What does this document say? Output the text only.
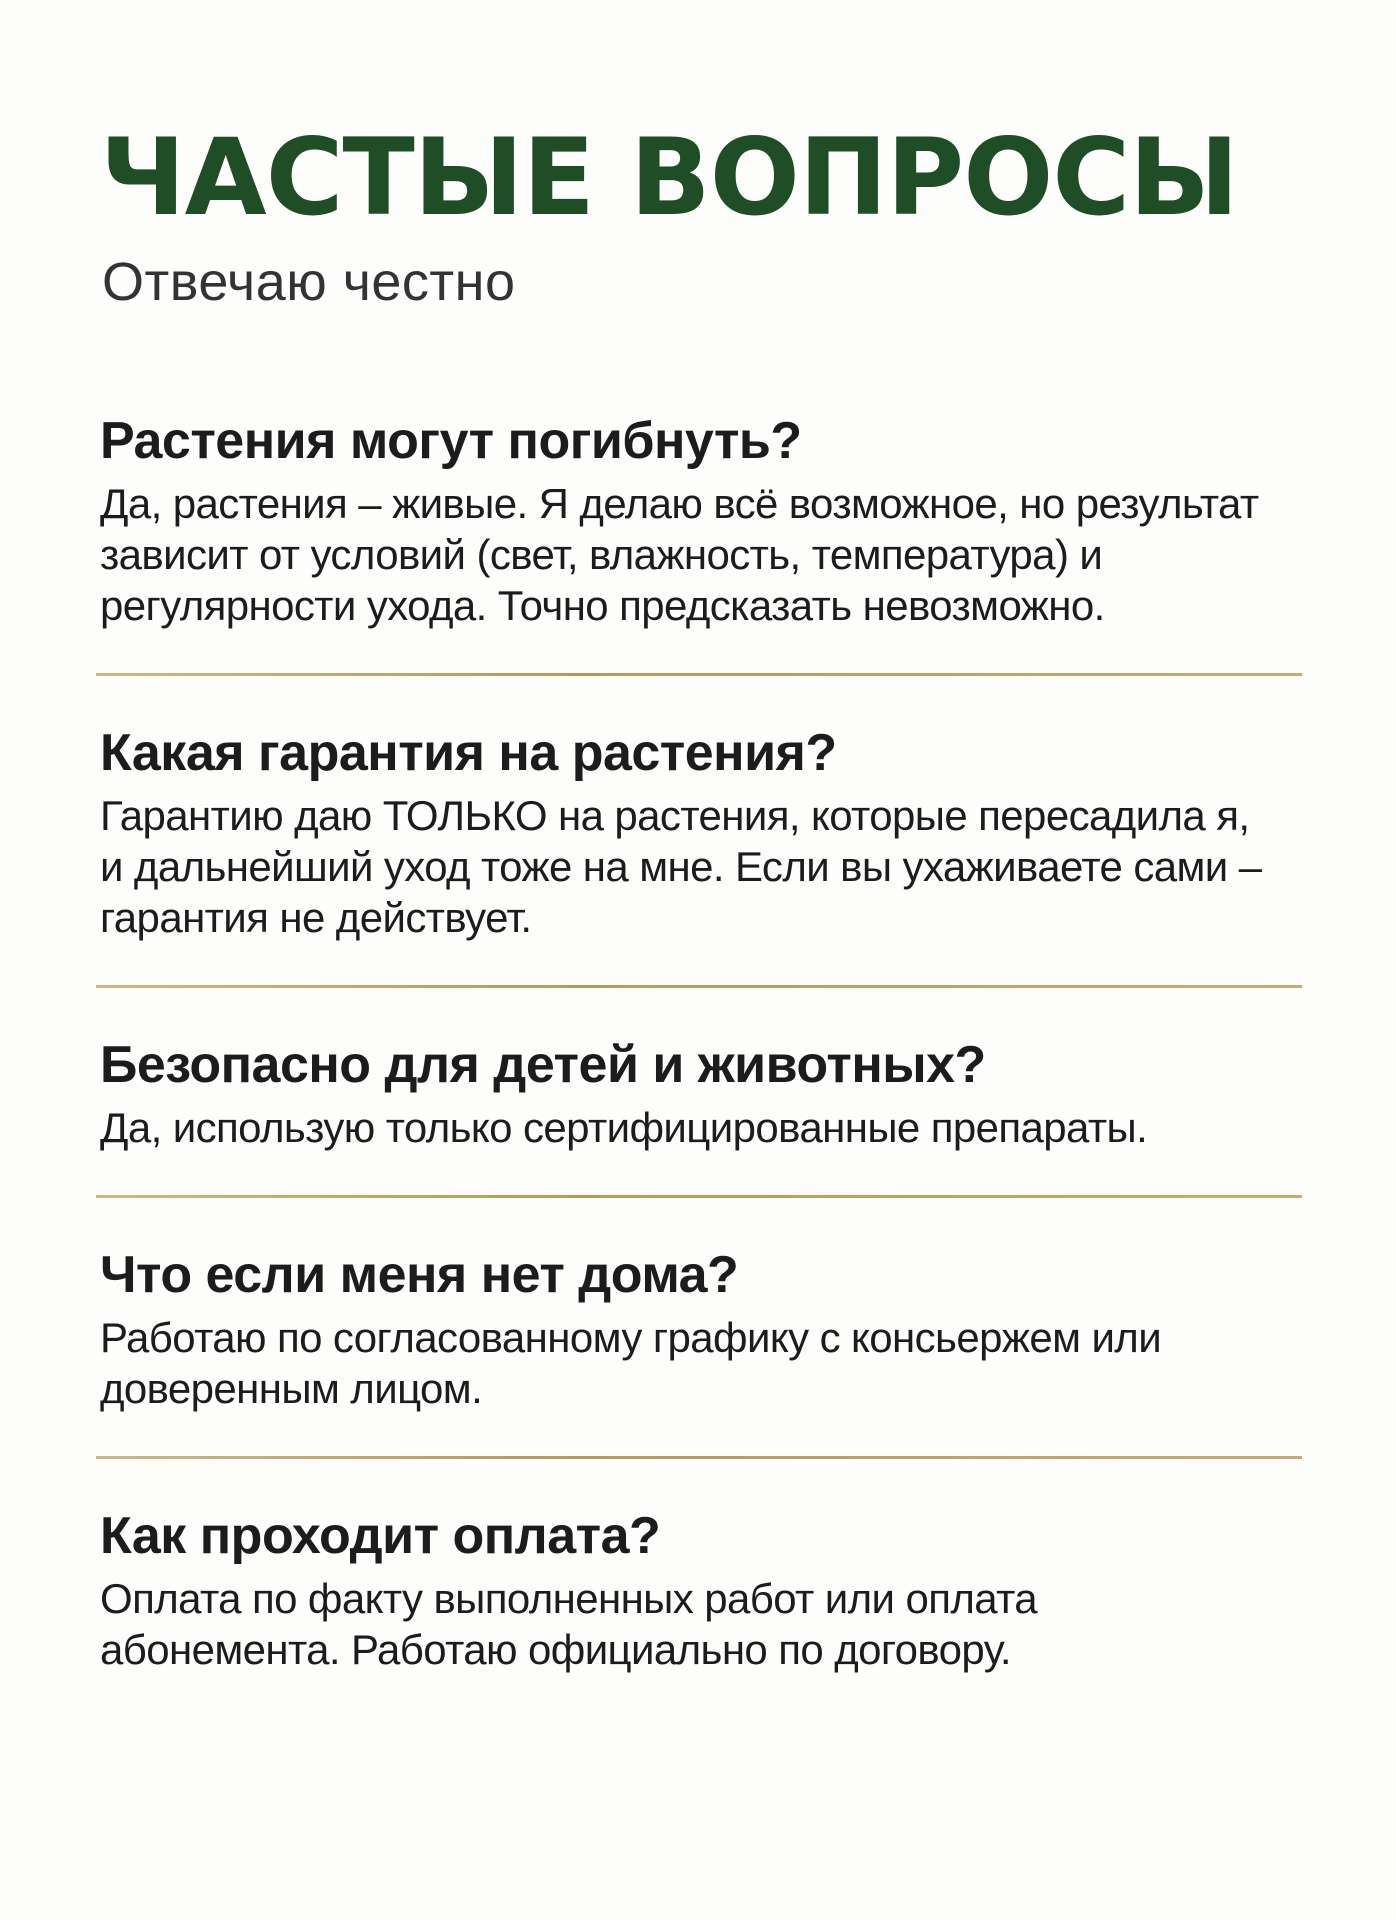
ЧАСТЫЕ ВОПРОСЫ
Отвечаю честно
Растения могут погибнуть?

Да, растения – живые. Я делаю всё возможное, но результат зависит от условий (свет, влажность, температура) и регулярности ухода. Точно предсказать невозможно.

Какая гарантия на растения?

Гарантию даю ТОЛЬКО на растения, которые пересадила я, и дальнейший уход тоже на мне. Если вы ухаживаете сами – гарантия не действует.

Безопасно для детей и животных?

Да, использую только сертифицированные препараты.

Что если меня нет дома?

Работаю по согласованному графику с консьержем или доверенным лицом.

Как проходит оплата?

Оплата по факту выполненных работ или оплата абонемента. Работаю официально по договору.
